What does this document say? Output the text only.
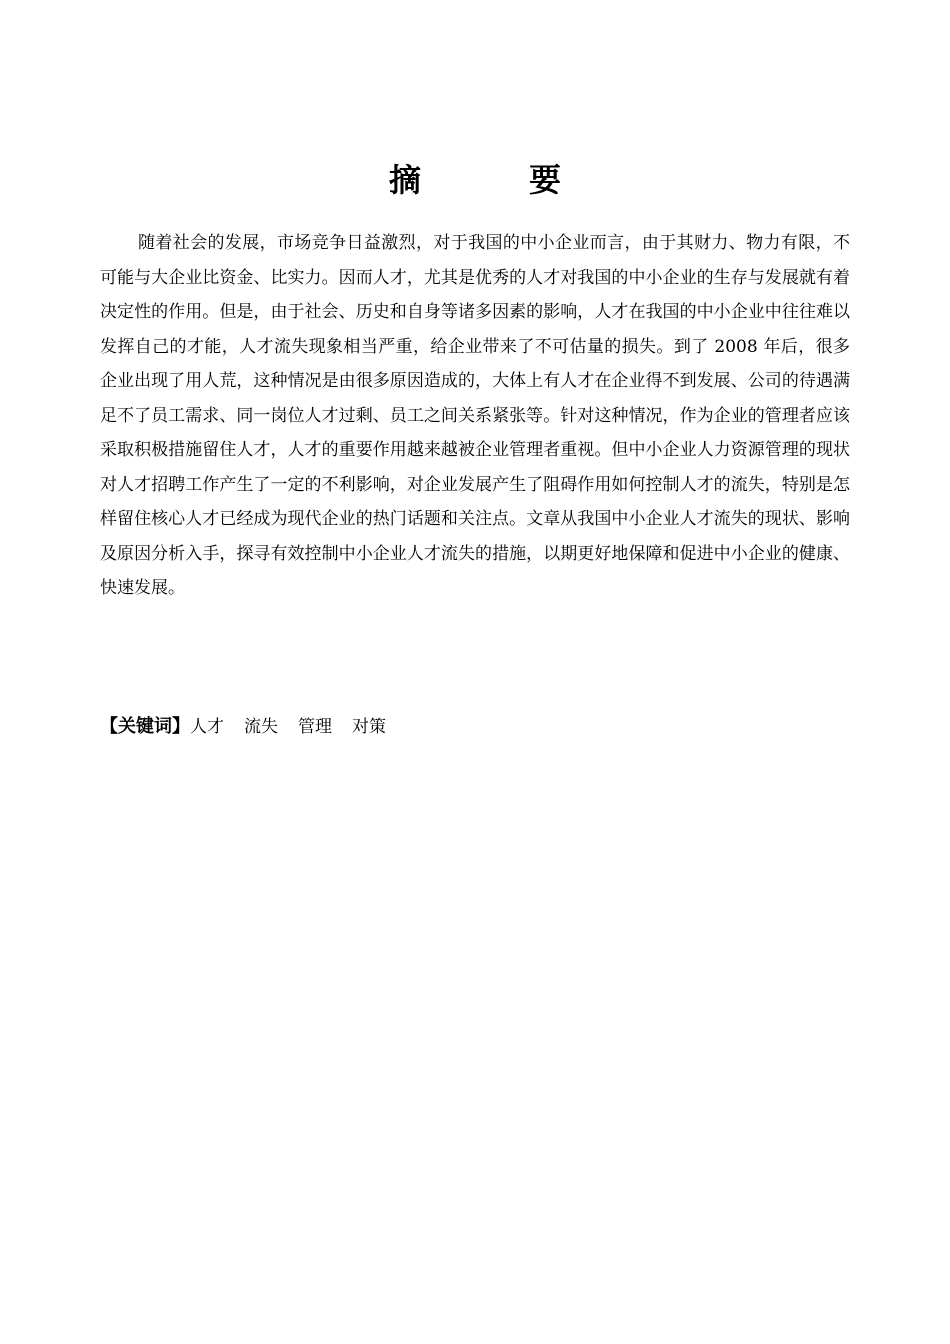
摘　要

随着社会的发展，市场竞争日益激烈，对于我国的中小企业而言，由于其财力、物力有限，不可能与大企业比资金、比实力。因而人才，尤其是优秀的人才对我国的中小企业的生存与发展就有着决定性的作用。但是，由于社会、历史和自身等诸多因素的影响，人才在我国的中小企业中往往难以发挥自己的才能，人才流失现象相当严重，给企业带来了不可估量的损失。到了 2008 年后，很多企业出现了用人荒，这种情况是由很多原因造成的，大体上有人才在企业得不到发展、公司的待遇满足不了员工需求、同一岗位人才过剩、员工之间关系紧张等。针对这种情况，作为企业的管理者应该采取积极措施留住人才，人才的重要作用越来越被企业管理者重视。但中小企业人力资源管理的现状对人才招聘工作产生了一定的不利影响，对企业发展产生了阻碍作用如何控制人才的流失，特别是怎样留住核心人才已经成为现代企业的热门话题和关注点。文章从我国中小企业人才流失的现状、影响及原因分析入手，探寻有效控制中小企业人才流失的措施，以期更好地保障和促进中小企业的健康、快速发展。

【关键词】人才 流失 管理 对策
